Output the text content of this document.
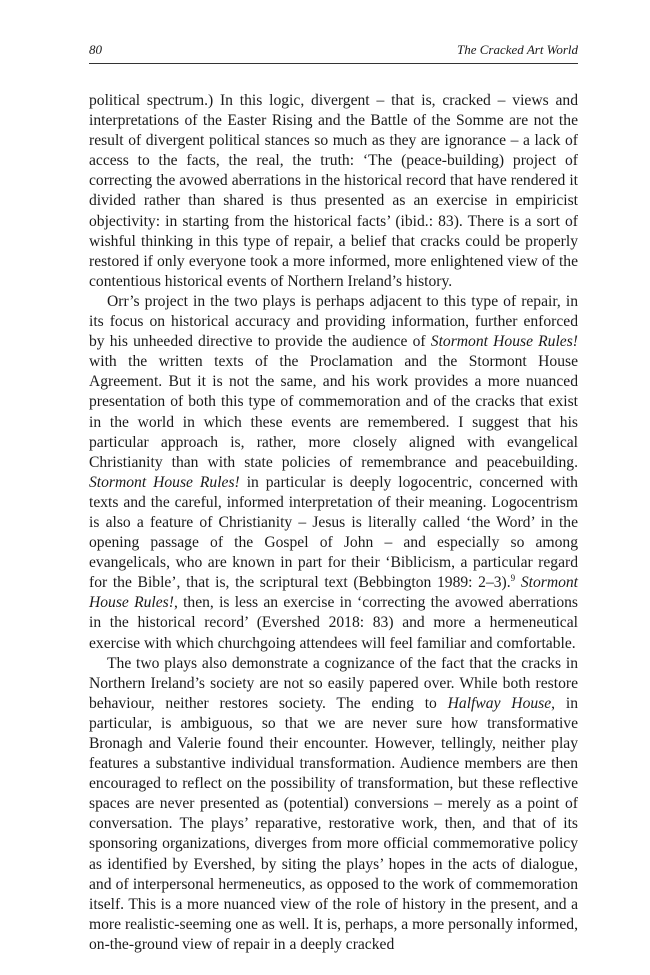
80	The Cracked Art World

political spectrum.) In this logic, divergent – that is, cracked – views and interpretations of the Easter Rising and the Battle of the Somme are not the result of divergent political stances so much as they are ignorance – a lack of access to the facts, the real, the truth: ‘The (peace-building) project of correcting the avowed aberrations in the historical record that have rendered it divided rather than shared is thus presented as an exercise in empiricist objectivity: in starting from the historical facts’ (ibid.: 83). There is a sort of wishful thinking in this type of repair, a belief that cracks could be properly restored if only everyone took a more informed, more enlightened view of the contentious historical events of Northern Ireland’s history.

Orr’s project in the two plays is perhaps adjacent to this type of repair, in its focus on historical accuracy and providing information, further enforced by his unheeded directive to provide the audience of Stormont House Rules! with the written texts of the Proclamation and the Stormont House Agreement. But it is not the same, and his work provides a more nuanced presentation of both this type of commemoration and of the cracks that exist in the world in which these events are remembered. I suggest that his particular approach is, rather, more closely aligned with evangelical Christianity than with state policies of remembrance and peacebuilding. Stormont House Rules! in particular is deeply logocentric, concerned with texts and the careful, informed interpretation of their meaning. Logocentrism is also a feature of Christianity – Jesus is literally called ‘the Word’ in the opening passage of the Gospel of John – and especially so among evangelicals, who are known in part for their ‘Biblicism, a particular regard for the Bible’, that is, the scriptural text (Bebbington 1989: 2–3).$^9$ Stormont House Rules!, then, is less an exercise in ‘correcting the avowed aberrations in the historical record’ (Evershed 2018: 83) and more a hermeneutical exercise with which churchgoing attendees will feel familiar and comfortable.

The two plays also demonstrate a cognizance of the fact that the cracks in Northern Ireland’s society are not so easily papered over. While both restore behaviour, neither restores society. The ending to Halfway House, in particular, is ambiguous, so that we are never sure how transformative Bronagh and Valerie found their encounter. However, tellingly, neither play features a substantive individual transformation. Audience members are then encouraged to reflect on the possibility of transformation, but these reflective spaces are never presented as (potential) conversions – merely as a point of conversation. The plays’ reparative, restorative work, then, and that of its sponsoring organizations, diverges from more official commemorative policy as identified by Evershed, by siting the plays’ hopes in the acts of dialogue, and of interpersonal hermeneutics, as opposed to the work of commemoration itself. This is a more nuanced view of the role of history in the present, and a more realistic-seeming one as well. It is, perhaps, a more personally informed, on-the-ground view of repair in a deeply cracked
